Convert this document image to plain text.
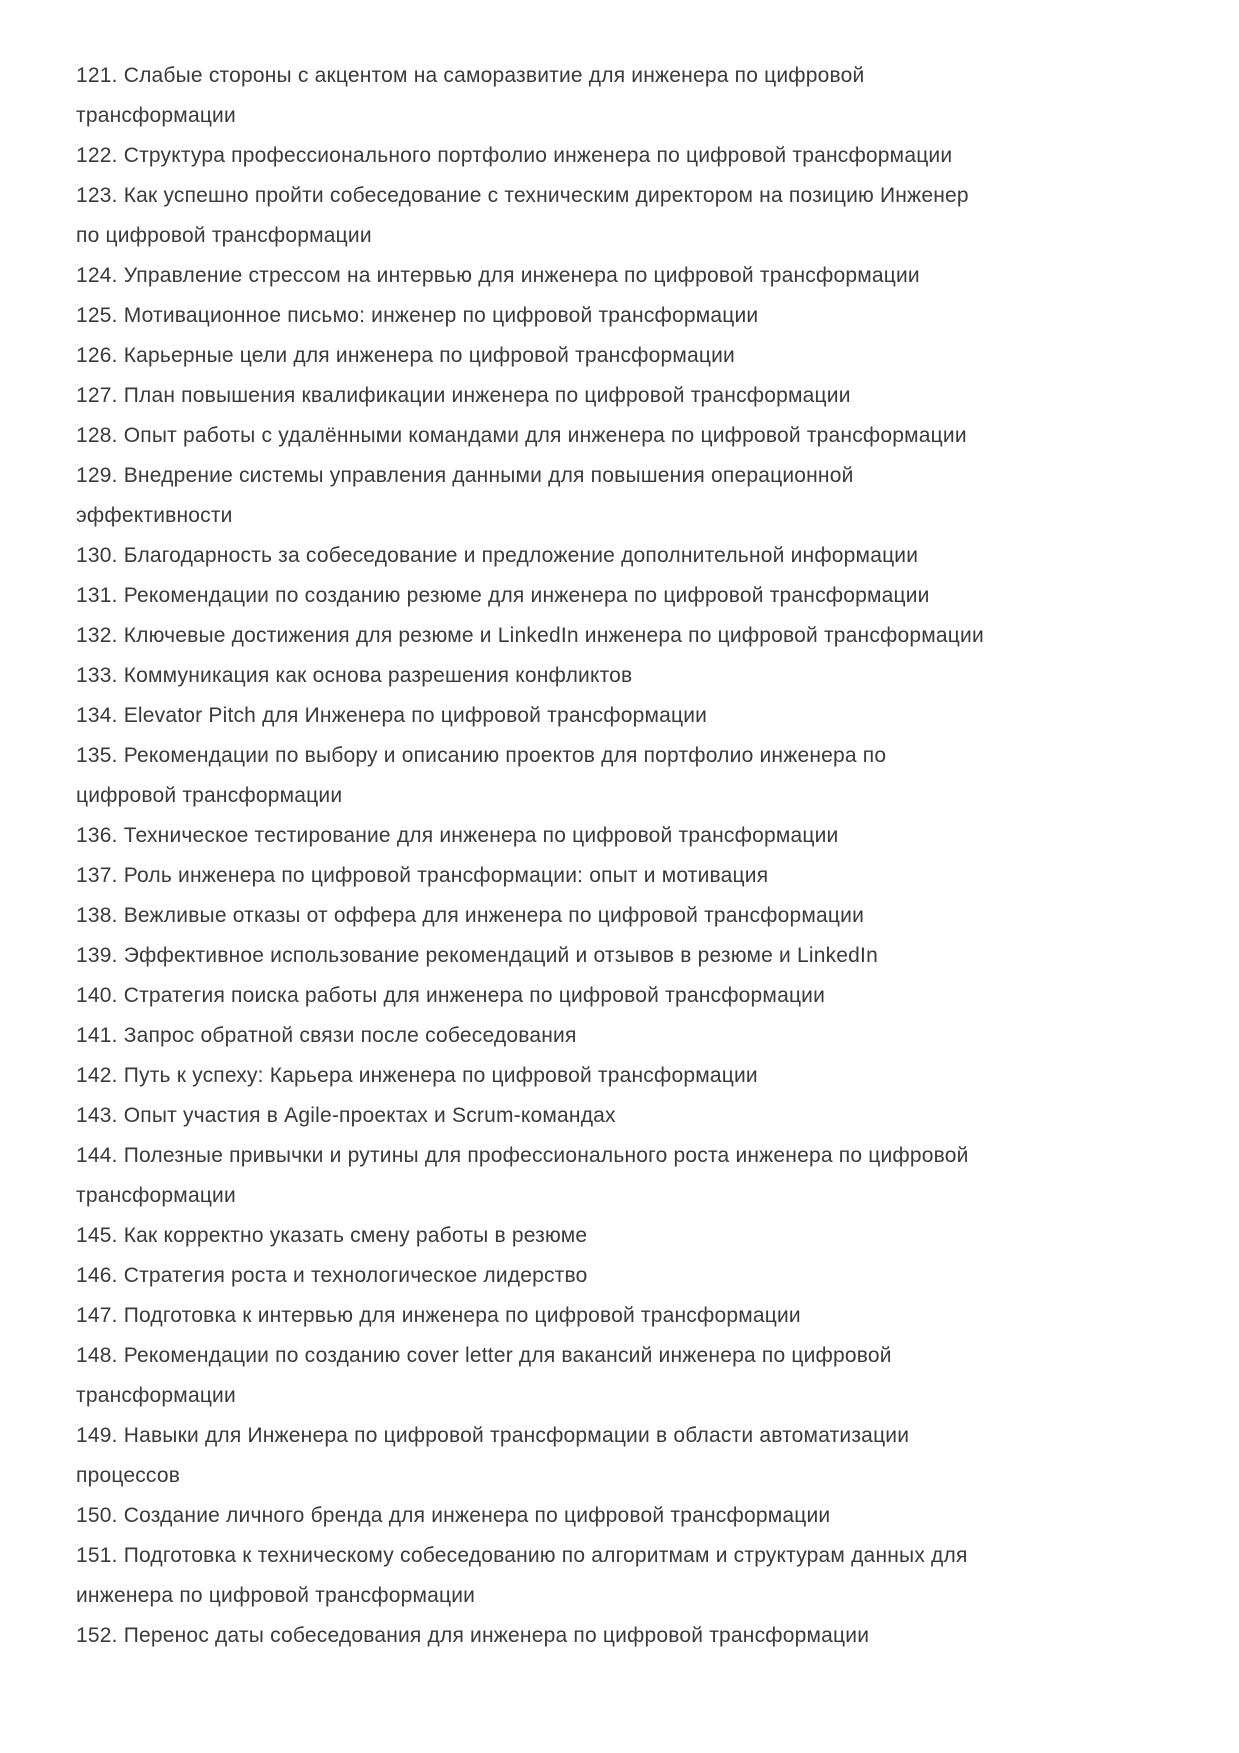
121. Слабые стороны с акцентом на саморазвитие для инженера по цифровой
трансформации
122. Структура профессионального портфолио инженера по цифровой трансформации
123. Как успешно пройти собеседование с техническим директором на позицию Инженер
по цифровой трансформации
124. Управление стрессом на интервью для инженера по цифровой трансформации
125. Мотивационное письмо: инженер по цифровой трансформации
126. Карьерные цели для инженера по цифровой трансформации
127. План повышения квалификации инженера по цифровой трансформации
128. Опыт работы с удалёнными командами для инженера по цифровой трансформации
129. Внедрение системы управления данными для повышения операционной
эффективности
130. Благодарность за собеседование и предложение дополнительной информации
131. Рекомендации по созданию резюме для инженера по цифровой трансформации
132. Ключевые достижения для резюме и LinkedIn инженера по цифровой трансформации
133. Коммуникация как основа разрешения конфликтов
134. Elevator Pitch для Инженера по цифровой трансформации
135. Рекомендации по выбору и описанию проектов для портфолио инженера по
цифровой трансформации
136. Техническое тестирование для инженера по цифровой трансформации
137. Роль инженера по цифровой трансформации: опыт и мотивация
138. Вежливые отказы от оффера для инженера по цифровой трансформации
139. Эффективное использование рекомендаций и отзывов в резюме и LinkedIn
140. Стратегия поиска работы для инженера по цифровой трансформации
141. Запрос обратной связи после собеседования
142. Путь к успеху: Карьера инженера по цифровой трансформации
143. Опыт участия в Agile-проектах и Scrum-командах
144. Полезные привычки и рутины для профессионального роста инженера по цифровой
трансформации
145. Как корректно указать смену работы в резюме
146. Стратегия роста и технологическое лидерство
147. Подготовка к интервью для инженера по цифровой трансформации
148. Рекомендации по созданию cover letter для вакансий инженера по цифровой
трансформации
149. Навыки для Инженера по цифровой трансформации в области автоматизации
процессов
150. Создание личного бренда для инженера по цифровой трансформации
151. Подготовка к техническому собеседованию по алгоритмам и структурам данных для
инженера по цифровой трансформации
152. Перенос даты собеседования для инженера по цифровой трансформации
